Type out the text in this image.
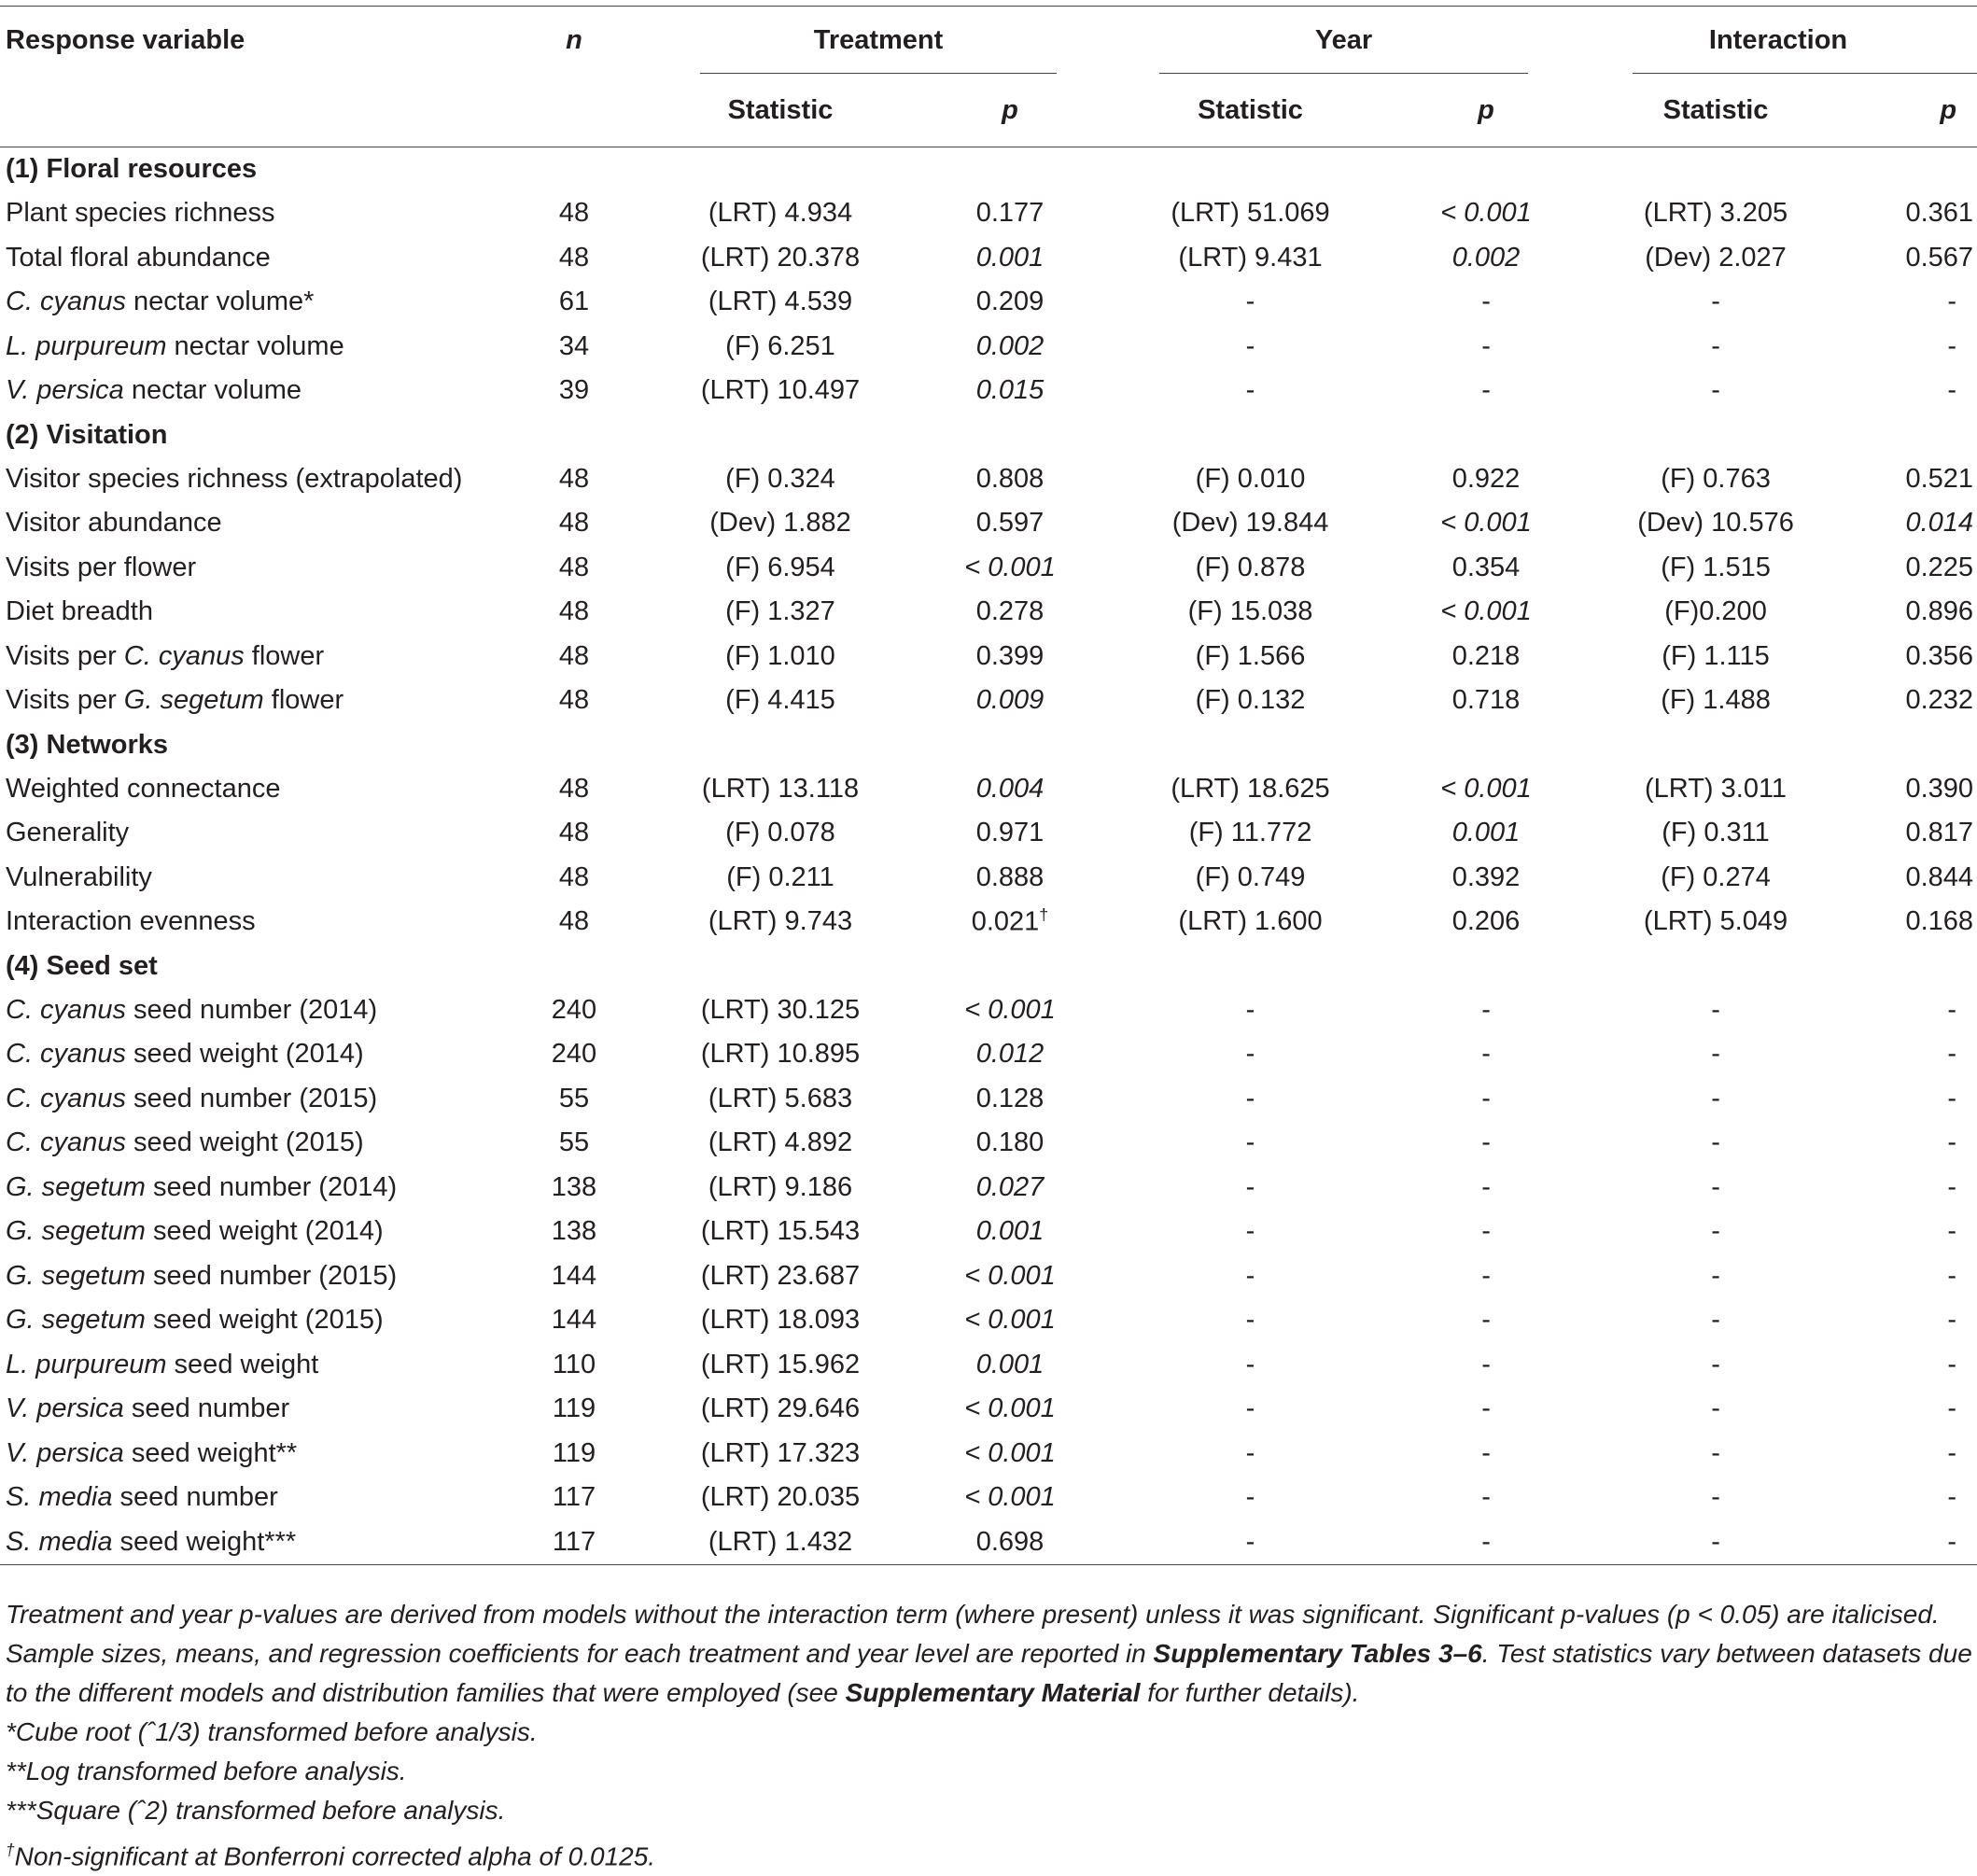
Response variable	n	Treatment		Year		Interaction	

		Statistic	p	Statistic	p	Statistic	p
(1) Floral resources							
Plant species richness	48	(LRT) 4.934	0.177	(LRT) 51.069	< 0.001	(LRT) 3.205	0.361
Total floral abundance	48	(LRT) 20.378	0.001	(LRT) 9.431	0.002	(Dev) 2.027	0.567
C. cyanus nectar volume*	61	(LRT) 4.539	0.209	-	-	-	-
L. purpureum nectar volume	34	(F) 6.251	0.002	-	-	-	-
V. persica nectar volume	39	(LRT) 10.497	0.015	-	-	-	-
(2) Visitation							
Visitor species richness (extrapolated)	48	(F) 0.324	0.808	(F) 0.010	0.922	(F) 0.763	0.521
Visitor abundance	48	(Dev) 1.882	0.597	(Dev) 19.844	< 0.001	(Dev) 10.576	0.014
Visits per flower	48	(F) 6.954	< 0.001	(F) 0.878	0.354	(F) 1.515	0.225
Diet breadth	48	(F) 1.327	0.278	(F) 15.038	< 0.001	(F)0.200	0.896
Visits per C. cyanus flower	48	(F) 1.010	0.399	(F) 1.566	0.218	(F) 1.115	0.356
Visits per G. segetum flower	48	(F) 4.415	0.009	(F) 0.132	0.718	(F) 1.488	0.232
(3) Networks							
Weighted connectance	48	(LRT) 13.118	0.004	(LRT) 18.625	< 0.001	(LRT) 3.011	0.390
Generality	48	(F) 0.078	0.971	(F) 11.772	0.001	(F) 0.311	0.817
Vulnerability	48	(F) 0.211	0.888	(F) 0.749	0.392	(F) 0.274	0.844
Interaction evenness	48	(LRT) 9.743	0.021†	(LRT) 1.600	0.206	(LRT) 5.049	0.168
(4) Seed set							
C. cyanus seed number (2014)	240	(LRT) 30.125	< 0.001	-	-	-	-
C. cyanus seed weight (2014)	240	(LRT) 10.895	0.012	-	-	-	-
C. cyanus seed number (2015)	55	(LRT) 5.683	0.128	-	-	-	-
C. cyanus seed weight (2015)	55	(LRT) 4.892	0.180	-	-	-	-
G. segetum seed number (2014)	138	(LRT) 9.186	0.027	-	-	-	-
G. segetum seed weight (2014)	138	(LRT) 15.543	0.001	-	-	-	-
G. segetum seed number (2015)	144	(LRT) 23.687	< 0.001	-	-	-	-
G. segetum seed weight (2015)	144	(LRT) 18.093	< 0.001	-	-	-	-
L. purpureum seed weight	110	(LRT) 15.962	0.001	-	-	-	-
V. persica seed number	119	(LRT) 29.646	< 0.001	-	-	-	-
V. persica seed weight**	119	(LRT) 17.323	< 0.001	-	-	-	-
S. media seed number	117	(LRT) 20.035	< 0.001	-	-	-	-
S. media seed weight***	117	(LRT) 1.432	0.698	-	-	-	-

Treatment and year p-values are derived from models without the interaction term (where present) unless it was significant. Significant p-values (p < 0.05) are italicised. Sample sizes, means, and regression coefficients for each treatment and year level are reported in Supplementary Tables 3–6. Test statistics vary between datasets due to the different models and distribution families that were employed (see Supplementary Material for further details).

*Cube root (ˆ1/3) transformed before analysis.

**Log transformed before analysis.

***Square (ˆ2) transformed before analysis.

†Non-significant at Bonferroni corrected alpha of 0.0125.
